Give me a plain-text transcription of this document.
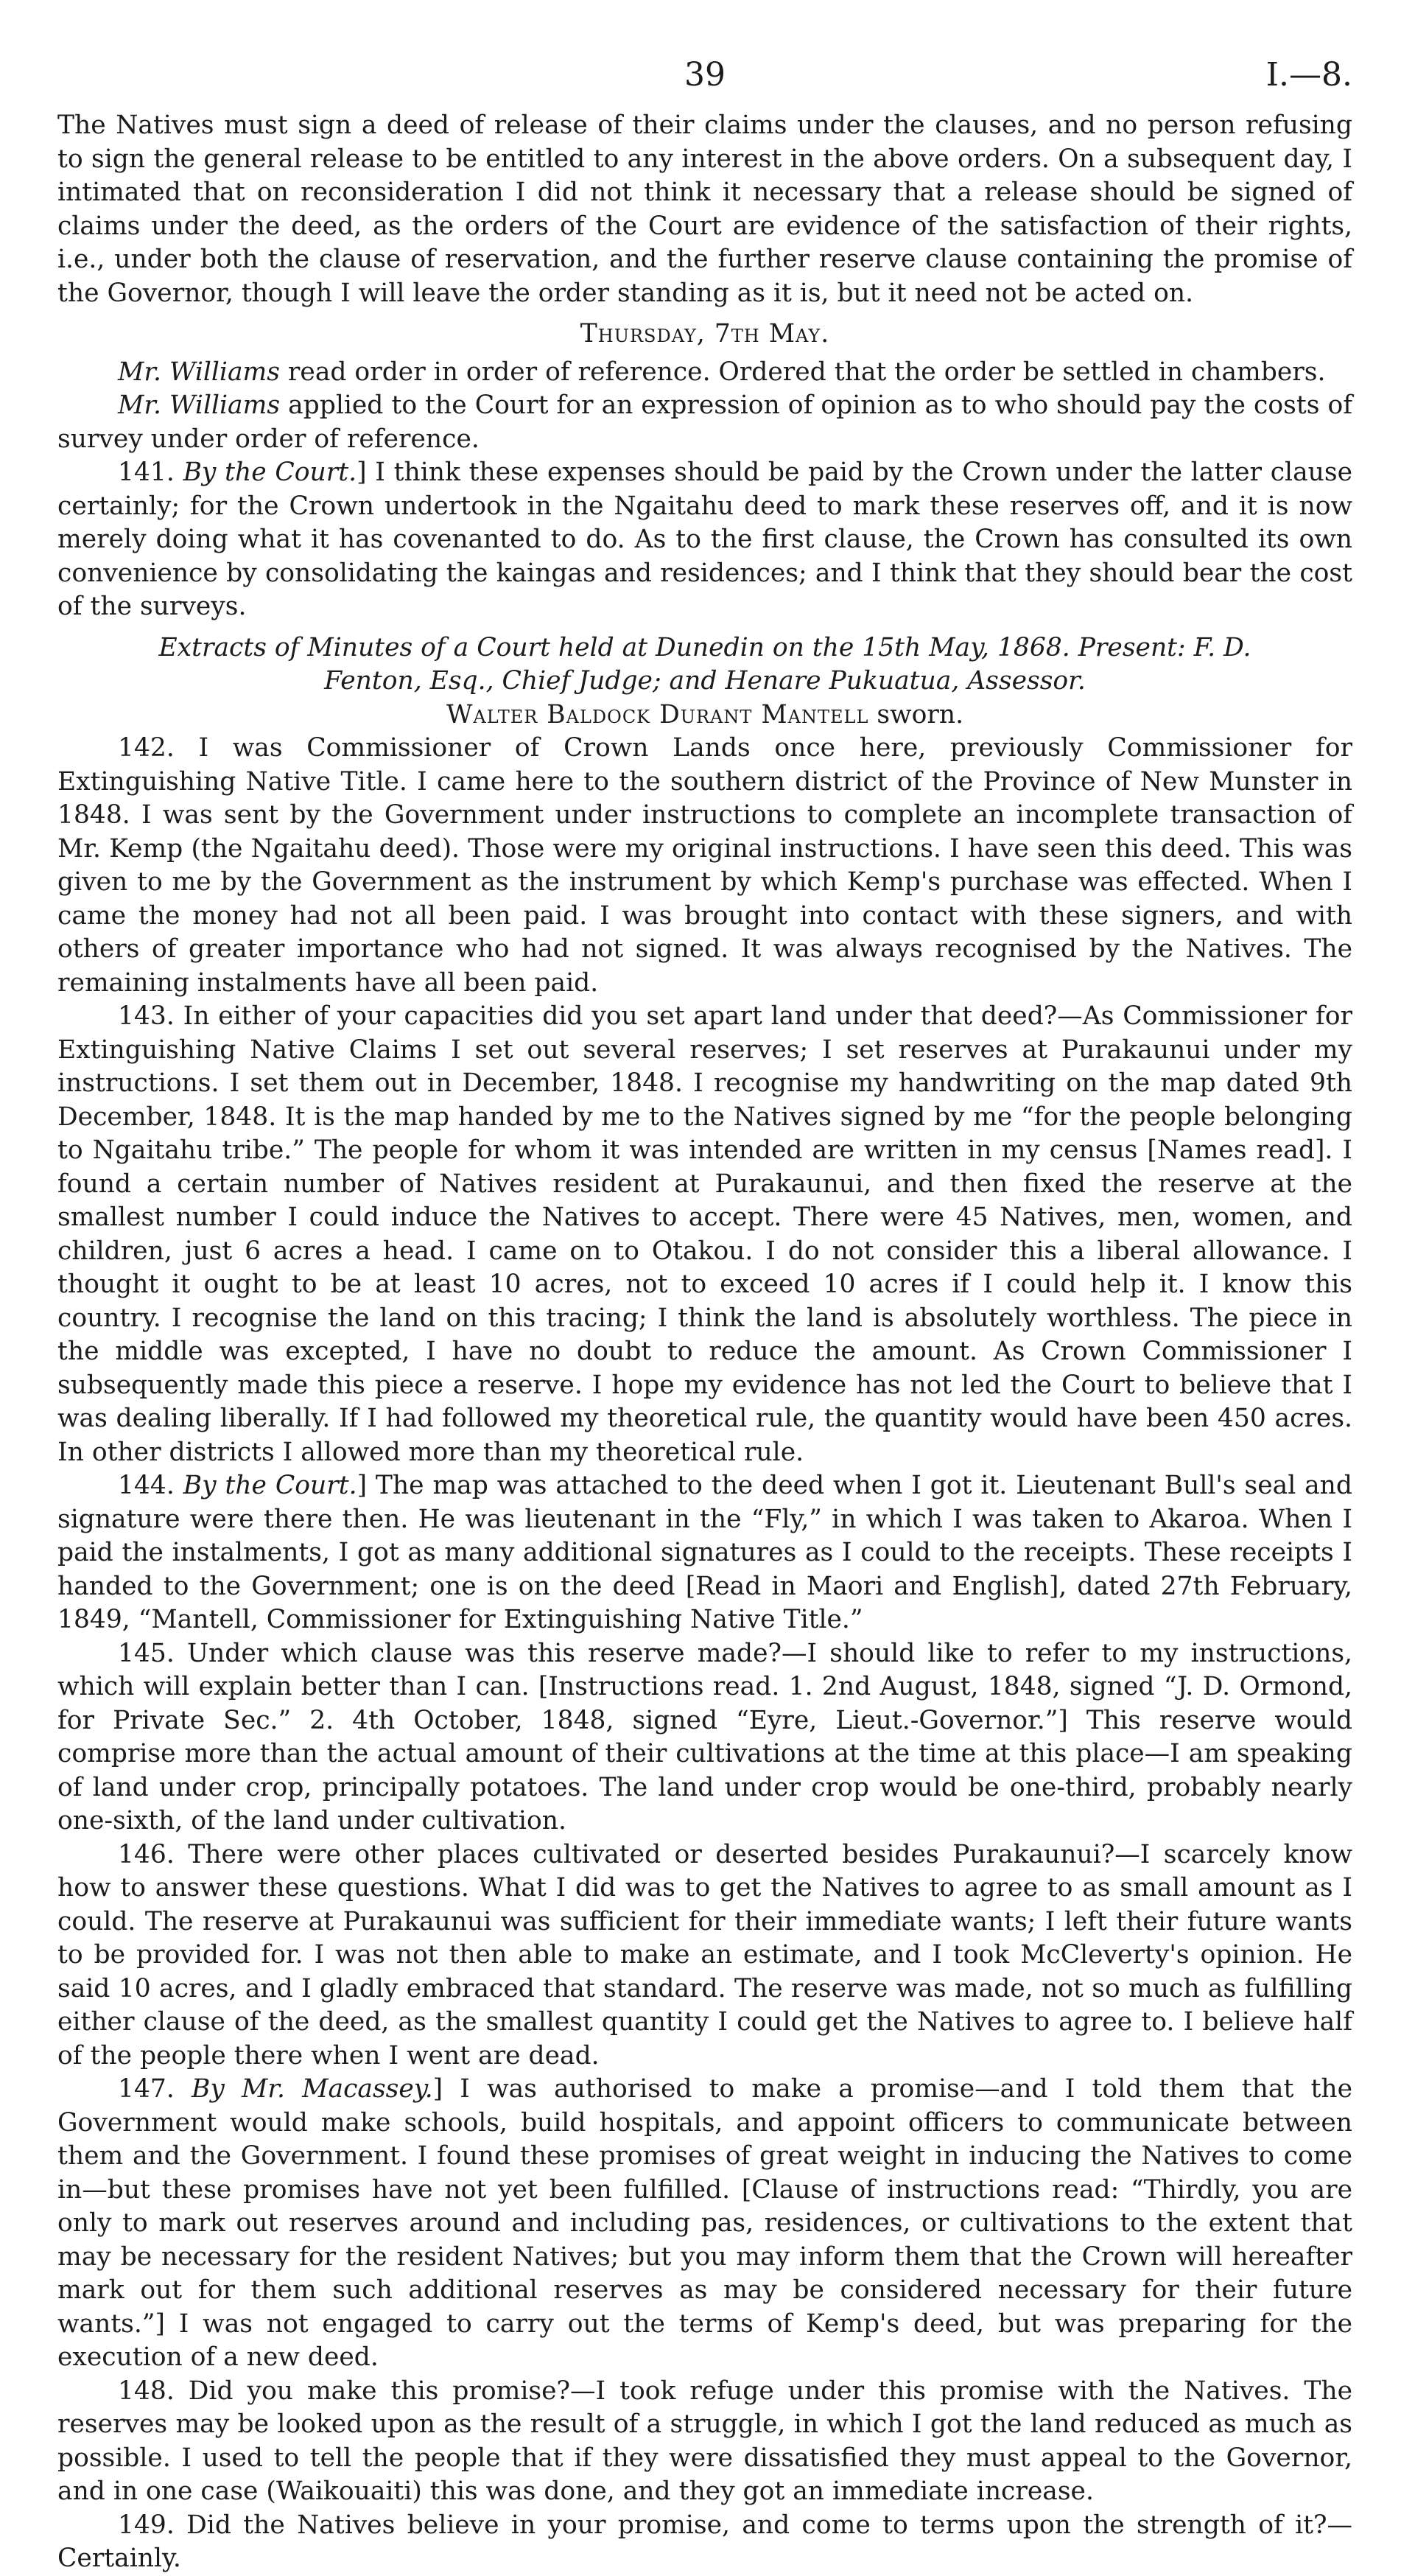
39	I.—8.

The Natives must sign a deed of release of their claims under the clauses, and no person refusing to sign the general release to be entitled to any interest in the above orders. On a subsequent day, I intimated that on reconsideration I did not think it necessary that a release should be signed of claims under the deed, as the orders of the Court are evidence of the satisfaction of their rights, i.e., under both the clause of reservation, and the further reserve clause containing the promise of the Governor, though I will leave the order standing as it is, but it need not be acted on.

Thursday, 7th May.

Mr. Williams read order in order of reference. Ordered that the order be settled in chambers.

Mr. Williams applied to the Court for an expression of opinion as to who should pay the costs of survey under order of reference.

141. By the Court.] I think these expenses should be paid by the Crown under the latter clause certainly; for the Crown undertook in the Ngaitahu deed to mark these reserves off, and it is now merely doing what it has covenanted to do. As to the first clause, the Crown has consulted its own convenience by consolidating the kaingas and residences; and I think that they should bear the cost of the surveys.

Extracts of Minutes of a Court held at Dunedin on the 15th May, 1868. Present: F. D.

Fenton, Esq., Chief Judge; and Henare Pukuatua, Assessor.

Walter Baldock Durant Mantell sworn.

142. I was Commissioner of Crown Lands once here, previously Commissioner for Extinguishing Native Title. I came here to the southern district of the Province of New Munster in 1848. I was sent by the Government under instructions to complete an incomplete transaction of Mr. Kemp (the Ngaitahu deed). Those were my original instructions. I have seen this deed. This was given to me by the Government as the instrument by which Kemp's purchase was effected. When I came the money had not all been paid. I was brought into contact with these signers, and with others of greater importance who had not signed. It was always recognised by the Natives. The remaining instalments have all been paid.

143. In either of your capacities did you set apart land under that deed?—As Commissioner for Extinguishing Native Claims I set out several reserves; I set reserves at Purakaunui under my instructions. I set them out in December, 1848. I recognise my handwriting on the map dated 9th December, 1848. It is the map handed by me to the Natives signed by me “for the people belonging to Ngaitahu tribe.” The people for whom it was intended are written in my census [Names read]. I found a certain number of Natives resident at Purakaunui, and then fixed the reserve at the smallest number I could induce the Natives to accept. There were 45 Natives, men, women, and children, just 6 acres a head. I came on to Otakou. I do not consider this a liberal allowance. I thought it ought to be at least 10 acres, not to exceed 10 acres if I could help it. I know this country. I recognise the land on this tracing; I think the land is absolutely worthless. The piece in the middle was excepted, I have no doubt to reduce the amount. As Crown Commissioner I subsequently made this piece a reserve. I hope my evidence has not led the Court to believe that I was dealing liberally. If I had followed my theoretical rule, the quantity would have been 450 acres. In other districts I allowed more than my theoretical rule.

144. By the Court.] The map was attached to the deed when I got it. Lieutenant Bull's seal and signature were there then. He was lieutenant in the “Fly,” in which I was taken to Akaroa. When I paid the instalments, I got as many additional signatures as I could to the receipts. These receipts I handed to the Government; one is on the deed [Read in Maori and English], dated 27th February, 1849, “Mantell, Commissioner for Extinguishing Native Title.”

145. Under which clause was this reserve made?—I should like to refer to my instructions, which will explain better than I can. [Instructions read. 1. 2nd August, 1848, signed “J. D. Ormond, for Private Sec.” 2. 4th October, 1848, signed “Eyre, Lieut.-Governor.”] This reserve would comprise more than the actual amount of their cultivations at the time at this place—I am speaking of land under crop, principally potatoes. The land under crop would be one-third, probably nearly one-sixth, of the land under cultivation.

146. There were other places cultivated or deserted besides Purakaunui?—I scarcely know how to answer these questions. What I did was to get the Natives to agree to as small amount as I could. The reserve at Purakaunui was sufficient for their immediate wants; I left their future wants to be provided for. I was not then able to make an estimate, and I took McCleverty's opinion. He said 10 acres, and I gladly embraced that standard. The reserve was made, not so much as fulfilling either clause of the deed, as the smallest quantity I could get the Natives to agree to. I believe half of the people there when I went are dead.

147. By Mr. Macassey.] I was authorised to make a promise—and I told them that the Government would make schools, build hospitals, and appoint officers to communicate between them and the Government. I found these promises of great weight in inducing the Natives to come in—but these promises have not yet been fulfilled. [Clause of instructions read: “Thirdly, you are only to mark out reserves around and including pas, residences, or cultivations to the extent that may be necessary for the resident Natives; but you may inform them that the Crown will hereafter mark out for them such additional reserves as may be considered necessary for their future wants.”] I was not engaged to carry out the terms of Kemp's deed, but was preparing for the execution of a new deed.

148. Did you make this promise?—I took refuge under this promise with the Natives. The reserves may be looked upon as the result of a struggle, in which I got the land reduced as much as possible. I used to tell the people that if they were dissatisfied they must appeal to the Governor, and in one case (Waikouaiti) this was done, and they got an immediate increase.

149. Did the Natives believe in your promise, and come to terms upon the strength of it?—Certainly.
